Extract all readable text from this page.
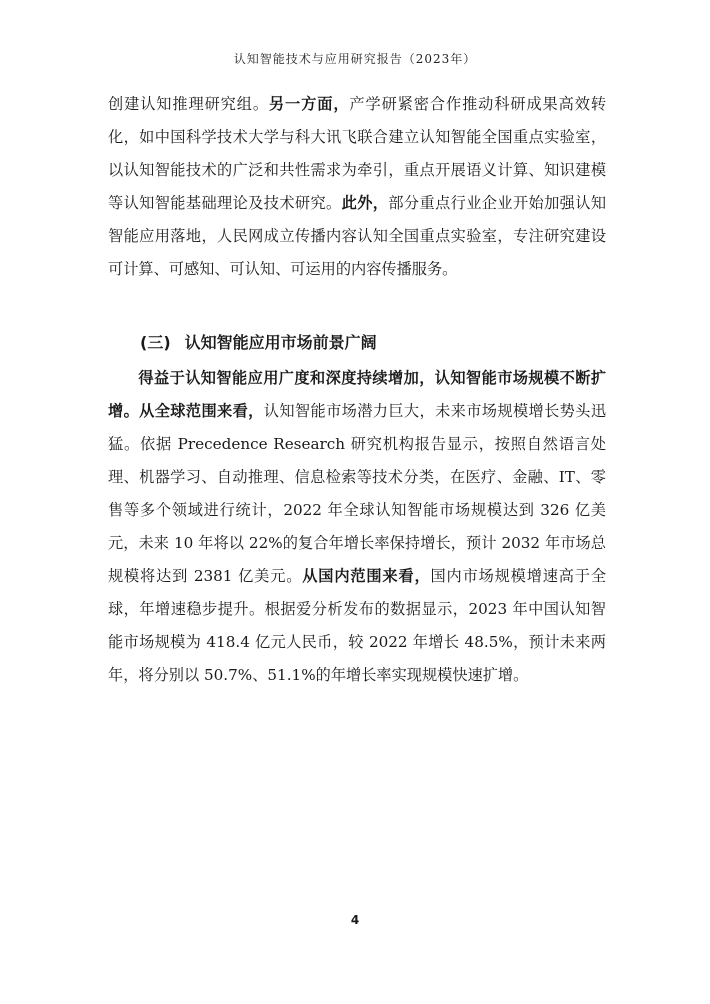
认知智能技术与应用研究报告（2023年）

创建认知推理研究组。另一方面，产学研紧密合作推动科研成果高效转化，如中国科学技术大学与科大讯飞联合建立认知智能全国重点实验室，以认知智能技术的广泛和共性需求为牵引，重点开展语义计算、知识建模等认知智能基础理论及技术研究。此外，部分重点行业企业开始加强认知智能应用落地，人民网成立传播内容认知全国重点实验室，专注研究建设可计算、可感知、可认知、可运用的内容传播服务。

(三) 认知智能应用市场前景广阔

得益于认知智能应用广度和深度持续增加，认知智能市场规模不断扩增。从全球范围来看，认知智能市场潜力巨大，未来市场规模增长势头迅猛。依据 Precedence Research 研究机构报告显示，按照自然语言处理、机器学习、自动推理、信息检索等技术分类，在医疗、金融、IT、零售等多个领域进行统计，2022 年全球认知智能市场规模达到 326 亿美元，未来 10 年将以 22%的复合年增长率保持增长，预计 2032 年市场总规模将达到 2381 亿美元。从国内范围来看，国内市场规模增速高于全球，年增速稳步提升。根据爱分析发布的数据显示，2023 年中国认知智能市场规模为 418.4 亿元人民币，较 2022 年增长 48.5%，预计未来两年，将分别以 50.7%、51.1%的年增长率实现规模快速扩增。

4
